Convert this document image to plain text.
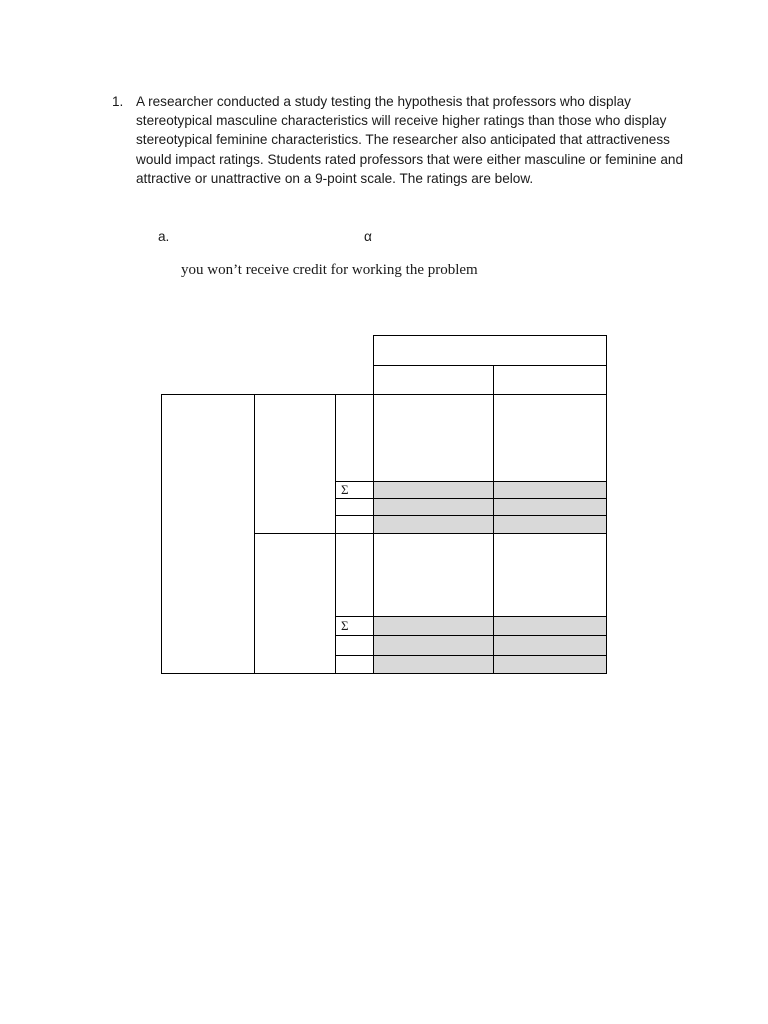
1. A researcher conducted a study testing the hypothesis that professors who display stereotypical masculine characteristics will receive higher ratings than those who display stereotypical feminine characteristics. The researcher also anticipated that attractiveness would impact ratings. Students rated professors that were either masculine or feminine and attractive or unattractive on a 9-point scale. The ratings are below.
a.	α
you won’t receive credit for working the problem
Σ
Σ
